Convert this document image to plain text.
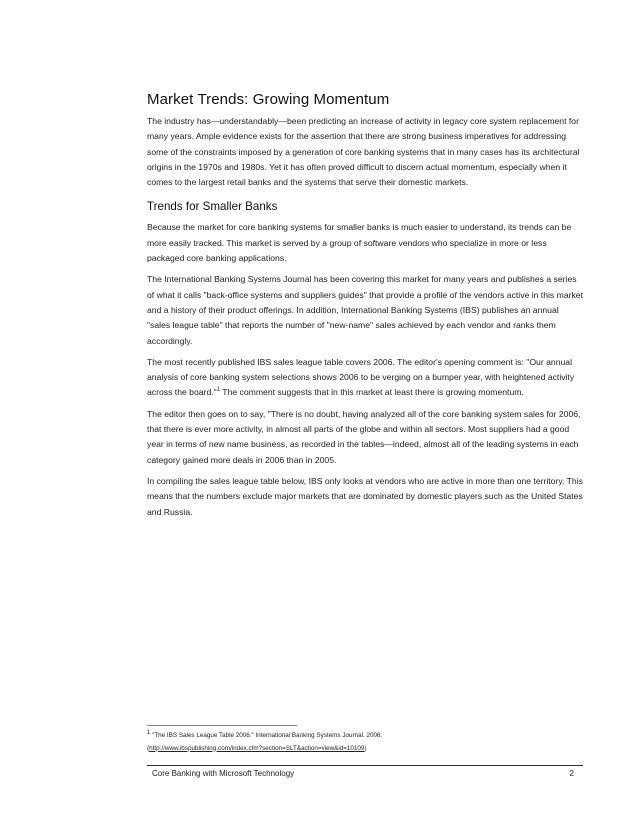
Market Trends: Growing Momentum

The industry has—understandably—been predicting an increase of activity in legacy core system replacement for many years. Ample evidence exists for the assertion that there are strong business imperatives for addressing some of the constraints imposed by a generation of core banking systems that in many cases has its architectural origins in the 1970s and 1980s. Yet it has often proved difficult to discern actual momentum, especially when it comes to the largest retail banks and the systems that serve their domestic markets.

Trends for Smaller Banks

Because the market for core banking systems for smaller banks is much easier to understand, its trends can be more easily tracked. This market is served by a group of software vendors who specialize in more or less packaged core banking applications.

The International Banking Systems Journal has been covering this market for many years and publishes a series of what it calls "back-office systems and suppliers guides" that provide a profile of the vendors active in this market and a history of their product offerings. In addition, International Banking Systems (IBS) publishes an annual "sales league table" that reports the number of "new-name" sales achieved by each vendor and ranks them accordingly.

The most recently published IBS sales league table covers 2006. The editor's opening comment is: "Our annual analysis of core banking system selections shows 2006 to be verging on a bumper year, with heightened activity across the board."$^1$ The comment suggests that in this market at least there is growing momentum.

The editor then goes on to say, "There is no doubt, having analyzed all of the core banking system sales for 2006, that there is ever more activity, in almost all parts of the globe and within all sectors. Most suppliers had a good year in terms of new name business, as recorded in the tables—indeed, almost all of the leading systems in each category gained more deals in 2006 than in 2005.

In compiling the sales league table below, IBS only looks at vendors who are active in more than one territory. This means that the numbers exclude major markets that are dominated by domestic players such as the United States and Russia.

$^1$ "The IBS Sales League Table 2006." International Banking Systems Journal. 2006.
(http://www.ibspublishing.com/index.cfm?section=SLT&action=view&id=10109)
Core Banking with Microsoft Technology	2
